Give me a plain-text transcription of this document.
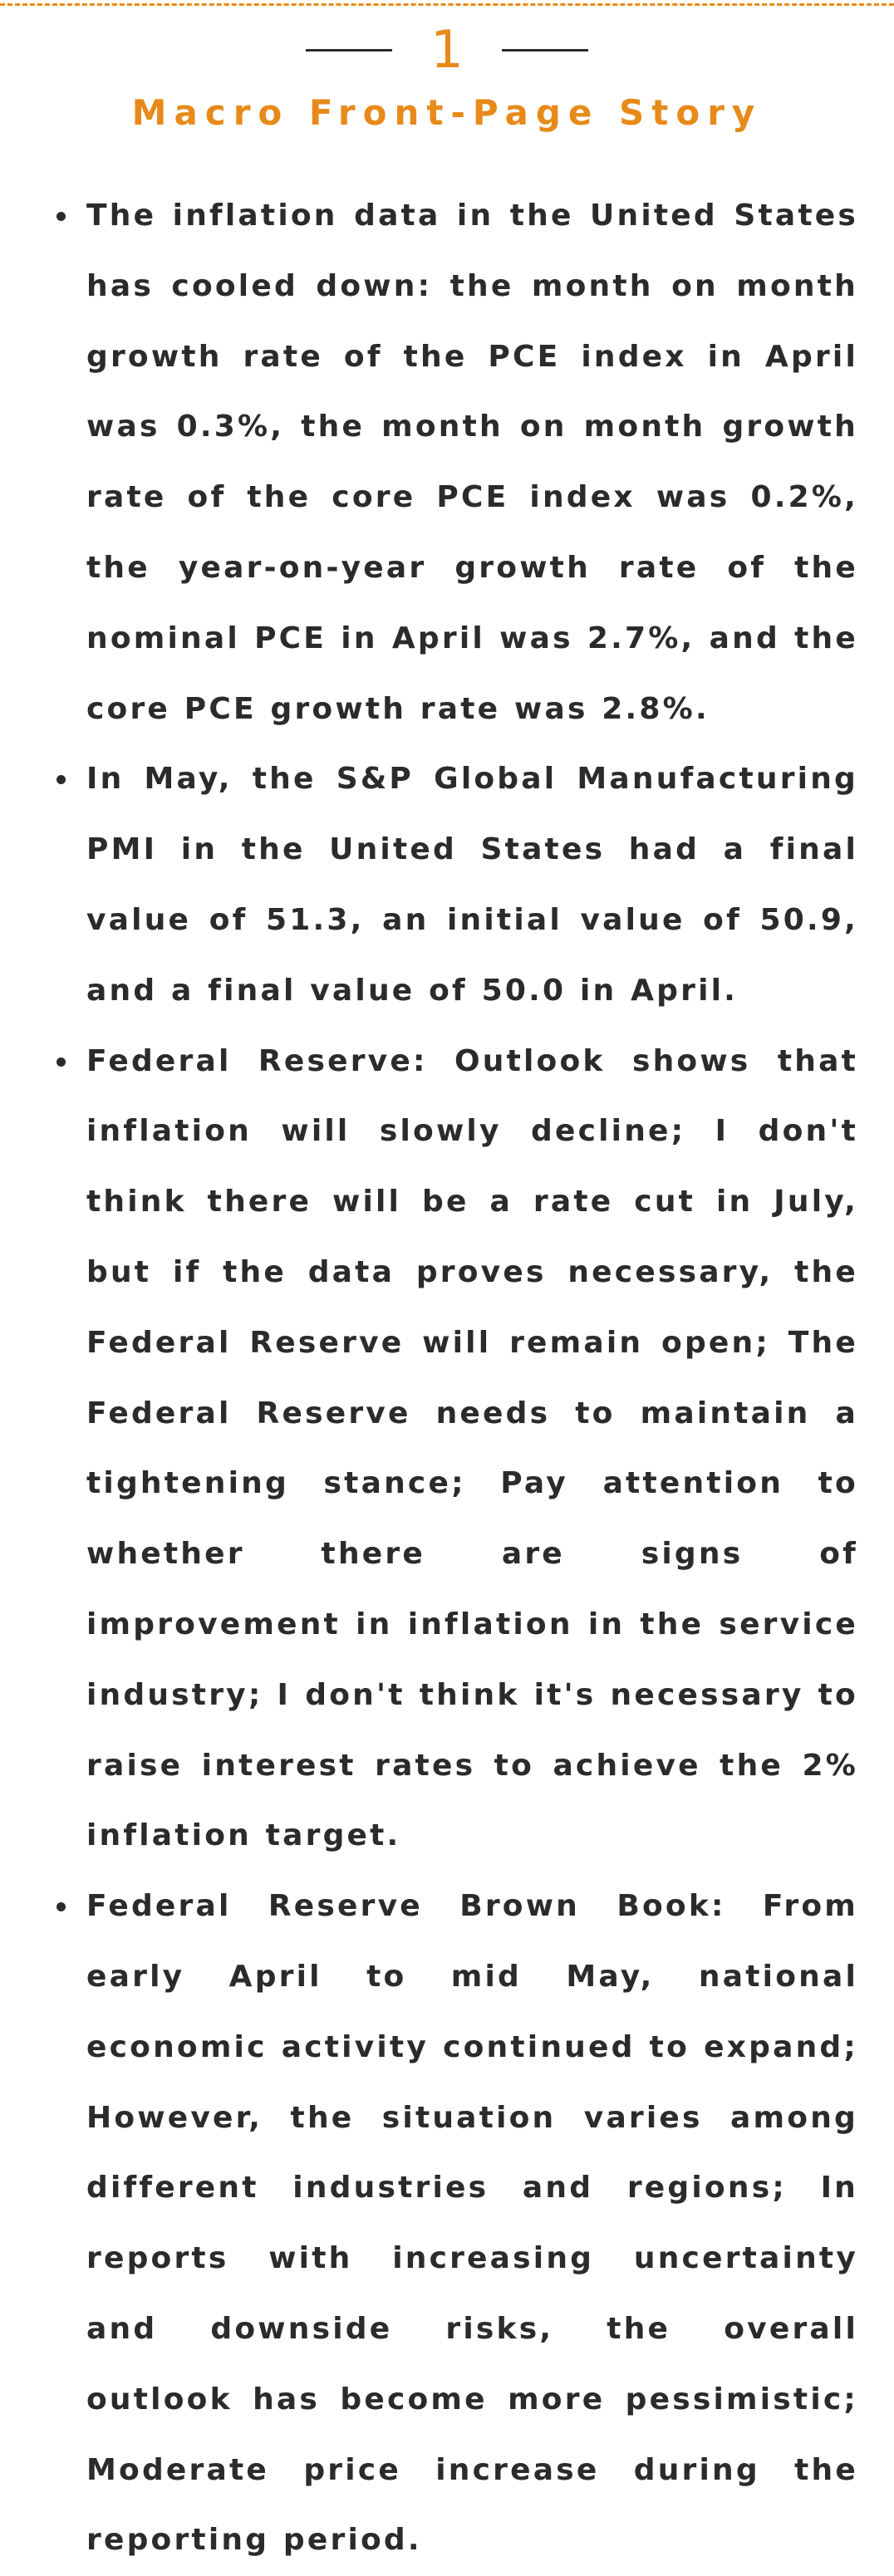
1
Macro Front-Page Story
The inflation data in the United States has cooled down: the month on month growth rate of the PCE index in April was 0.3%, the month on month growth rate of the core PCE index was 0.2%, the year-on-year growth rate of the nominal PCE in April was 2.7%, and the core PCE growth rate was 2.8%.
In May, the S&P Global Manufacturing PMI in the United States had a final value of 51.3, an initial value of 50.9, and a final value of 50.0 in April.
Federal Reserve: Outlook shows that inflation will slowly decline; I don't think there will be a rate cut in July, but if the data proves necessary, the Federal Reserve will remain open; The Federal Reserve needs to maintain a tightening stance; Pay attention to whether there are signs of improvement in inflation in the service industry; I don't think it's necessary to raise interest rates to achieve the 2% inflation target.
Federal Reserve Brown Book: From early April to mid May, national economic activity continued to expand; However, the situation varies among different industries and regions; In reports with increasing uncertainty and downside risks, the overall outlook has become more pessimistic; Moderate price increase during the reporting period.
